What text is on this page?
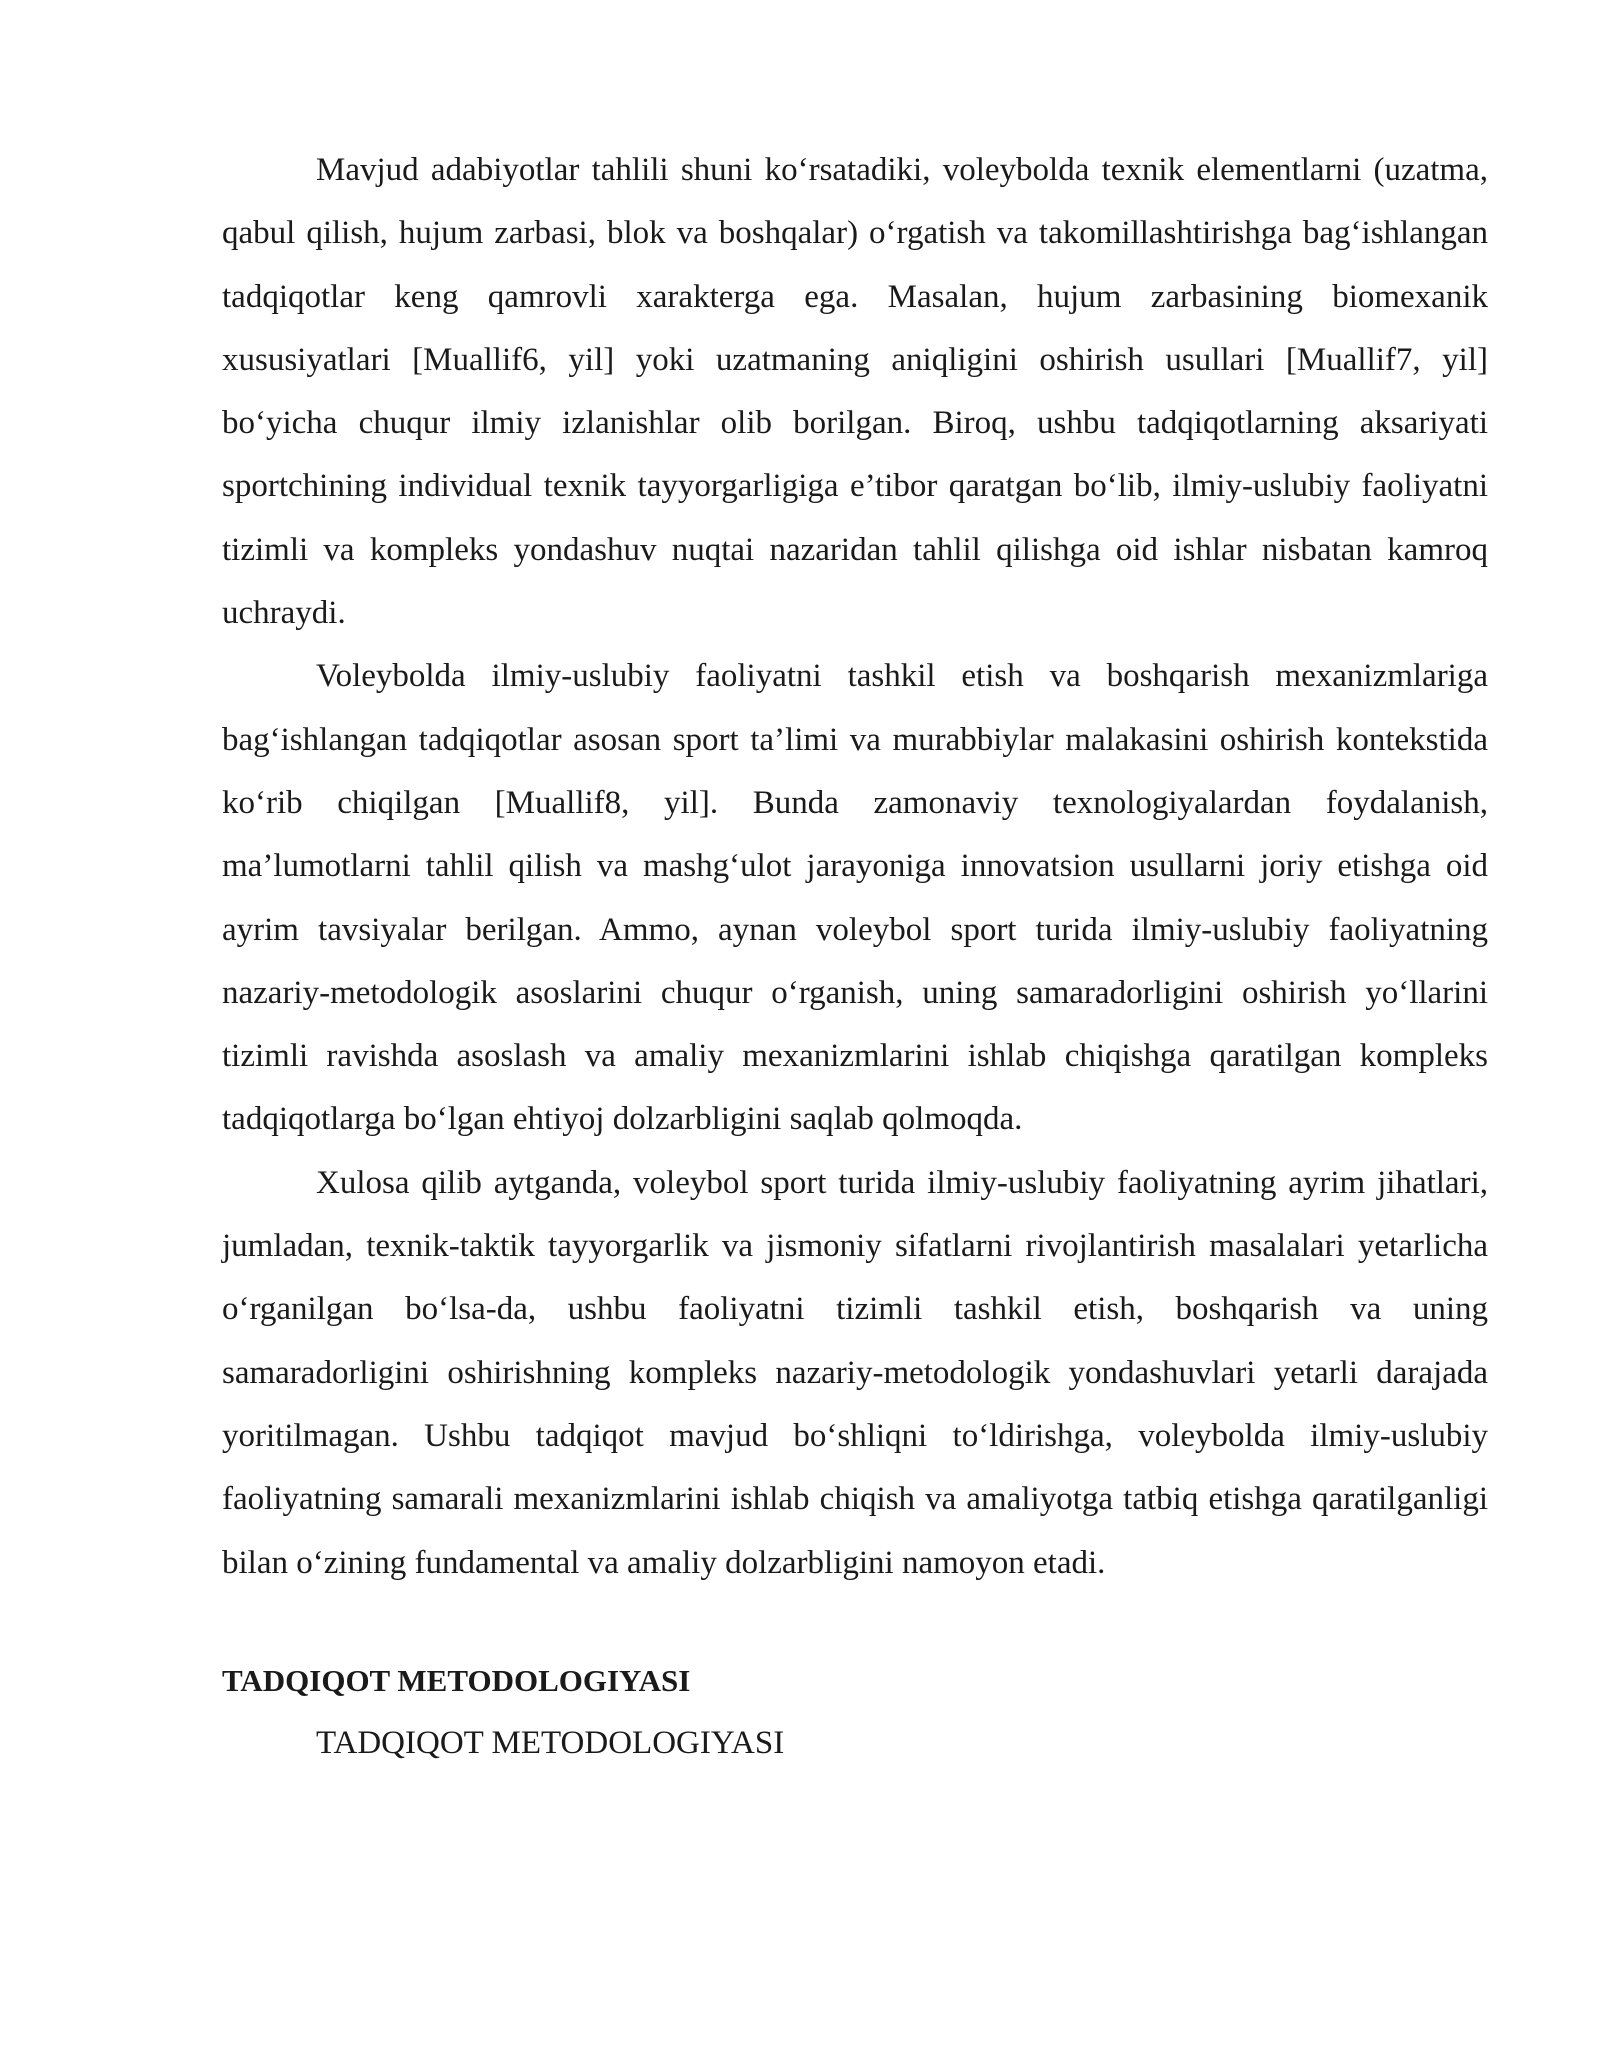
Mavjud adabiyotlar tahlili shuni koʻrsatadiki, voleybolda texnik elementlarni (uzatma, qabul qilish, hujum zarbasi, blok va boshqalar) oʻrgatish va takomillashtirishga bagʻishlangan tadqiqotlar keng qamrovli xarakterga ega. Masalan, hujum zarbasining biomexanik xususiyatlari [Muallif6, yil] yoki uzatmaning aniqligini oshirish usullari [Muallif7, yil] boʻyicha chuqur ilmiy izlanishlar olib borilgan. Biroq, ushbu tadqiqotlarning aksariyati sportchining individual texnik tayyorgarligiga e’tibor qaratgan boʻlib, ilmiy-uslubiy faoliyatni tizimli va kompleks yondashuv nuqtai nazaridan tahlil qilishga oid ishlar nisbatan kamroq uchraydi.

Voleybolda ilmiy-uslubiy faoliyatni tashkil etish va boshqarish mexanizmlariga bagʻishlangan tadqiqotlar asosan sport ta’limi va murabbiylar malakasini oshirish kontekstida koʻrib chiqilgan [Muallif8, yil]. Bunda zamonaviy texnologiyalardan foydalanish, ma’lumotlarni tahlil qilish va mashgʻulot jarayoniga innovatsion usullarni joriy etishga oid ayrim tavsiyalar berilgan. Ammo, aynan voleybol sport turida ilmiy-uslubiy faoliyatning nazariy-metodologik asoslarini chuqur oʻrganish, uning samaradorligini oshirish yoʻllarini tizimli ravishda asoslash va amaliy mexanizmlarini ishlab chiqishga qaratilgan kompleks tadqiqotlarga boʻlgan ehtiyoj dolzarbligini saqlab qolmoqda.

Xulosa qilib aytganda, voleybol sport turida ilmiy-uslubiy faoliyatning ayrim jihatlari, jumladan, texnik-taktik tayyorgarlik va jismoniy sifatlarni rivojlantirish masalalari yetarlicha oʻrganilgan boʻlsa-da, ushbu faoliyatni tizimli tashkil etish, boshqarish va uning samaradorligini oshirishning kompleks nazariy-metodologik yondashuvlari yetarli darajada yoritilmagan. Ushbu tadqiqot mavjud boʻshliqni toʻldirishga, voleybolda ilmiy-uslubiy faoliyatning samarali mexanizmlarini ishlab chiqish va amaliyotga tatbiq etishga qaratilganligi bilan oʻzining fundamental va amaliy dolzarbligini namoyon etadi.

TADQIQOT METODOLOGIYASI

TADQIQOT METODOLOGIYASI
